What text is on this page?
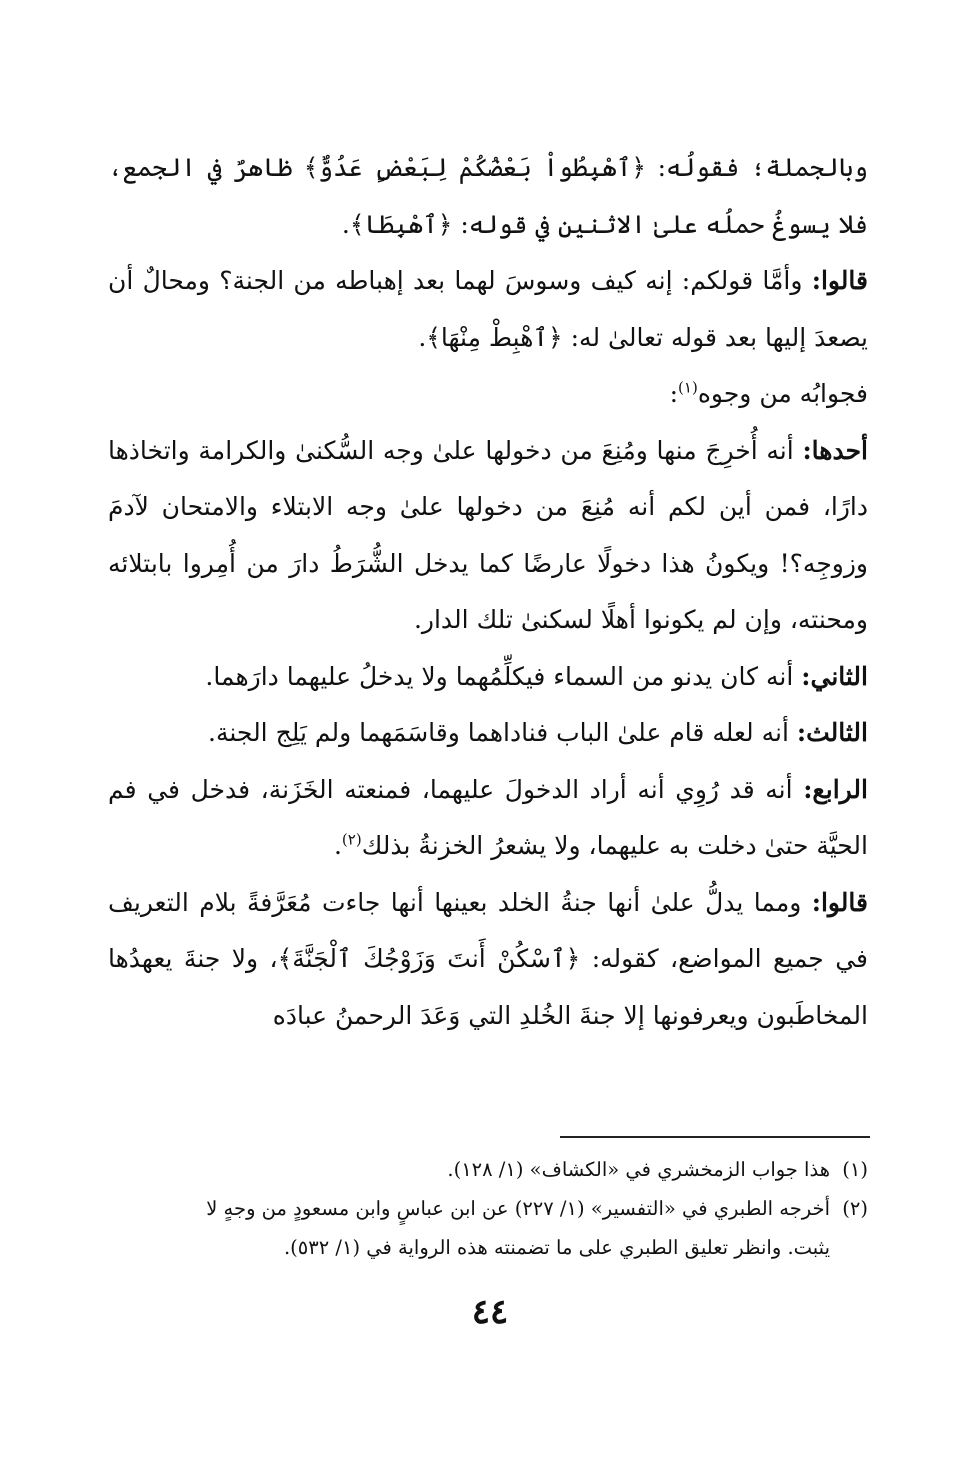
وبالجملة؛ فقولُه: ﴿ٱهْبِطُواْ بَعْضُكُمْ لِبَعْضٍ عَدُوٌّ﴾ ظاهرٌ في الجمع، فلا يسوغُ حملُه علىٰ الاثنين في قوله: ﴿ٱهْبِطَا﴾.

قالوا: وأمَّا قولكم: إنه كيف وسوسَ لهما بعد إهباطه من الجنة؟ ومحالٌ أن يصعدَ إليها بعد قوله تعالىٰ له: ﴿ٱهْبِطْ مِنْهَا﴾.

فجوابُه من وجوه$^{(١)}$:

أحدها: أنه أُخرِجَ منها ومُنِعَ من دخولها علىٰ وجه السُّكنىٰ والكرامة واتخاذها دارًا، فمن أين لكم أنه مُنِعَ من دخولها علىٰ وجه الابتلاء والامتحان لآدمَ وزوجِه؟! ويكونُ هذا دخولًا عارضًا كما يدخل الشُّرَطُ دارَ من أُمِروا بابتلائه ومحنته، وإن لم يكونوا أهلًا لسكنىٰ تلك الدار.

الثاني: أنه كان يدنو من السماء فيكلِّمُهما ولا يدخلُ عليهما دارَهما.

الثالث: أنه لعله قام علىٰ الباب فناداهما وقاسَمَهما ولم يَلِج الجنة.

الرابع: أنه قد رُوِي أنه أراد الدخولَ عليهما، فمنعته الخَزَنة، فدخل في فم الحيَّة حتىٰ دخلت به عليهما، ولا يشعرُ الخزنةُ بذلك$^{(٢)}$.

قالوا: ومما يدلُّ علىٰ أنها جنةُ الخلد بعينها أنها جاءت مُعَرَّفةً بلام التعريف في جميع المواضع، كقوله: ﴿ٱسْكُنْ أَنتَ وَزَوْجُكَ ٱلْجَنَّةَ﴾، ولا جنةَ يعهدُها المخاطَبون ويعرفونها إلا جنةَ الخُلدِ التي وَعَدَ الرحمنُ عبادَه

(١)هذا جواب الزمخشري في «الكشاف» (١/ ١٢٨).

(٢)أخرجه الطبري في «التفسير» (١/ ٢٢٧) عن ابن عباسٍ وابن مسعودٍ من وجهٍ لا

يثبت. وانظر تعليق الطبري على ما تضمنته هذه الرواية في (١/ ٥٣٢).

٤٤
